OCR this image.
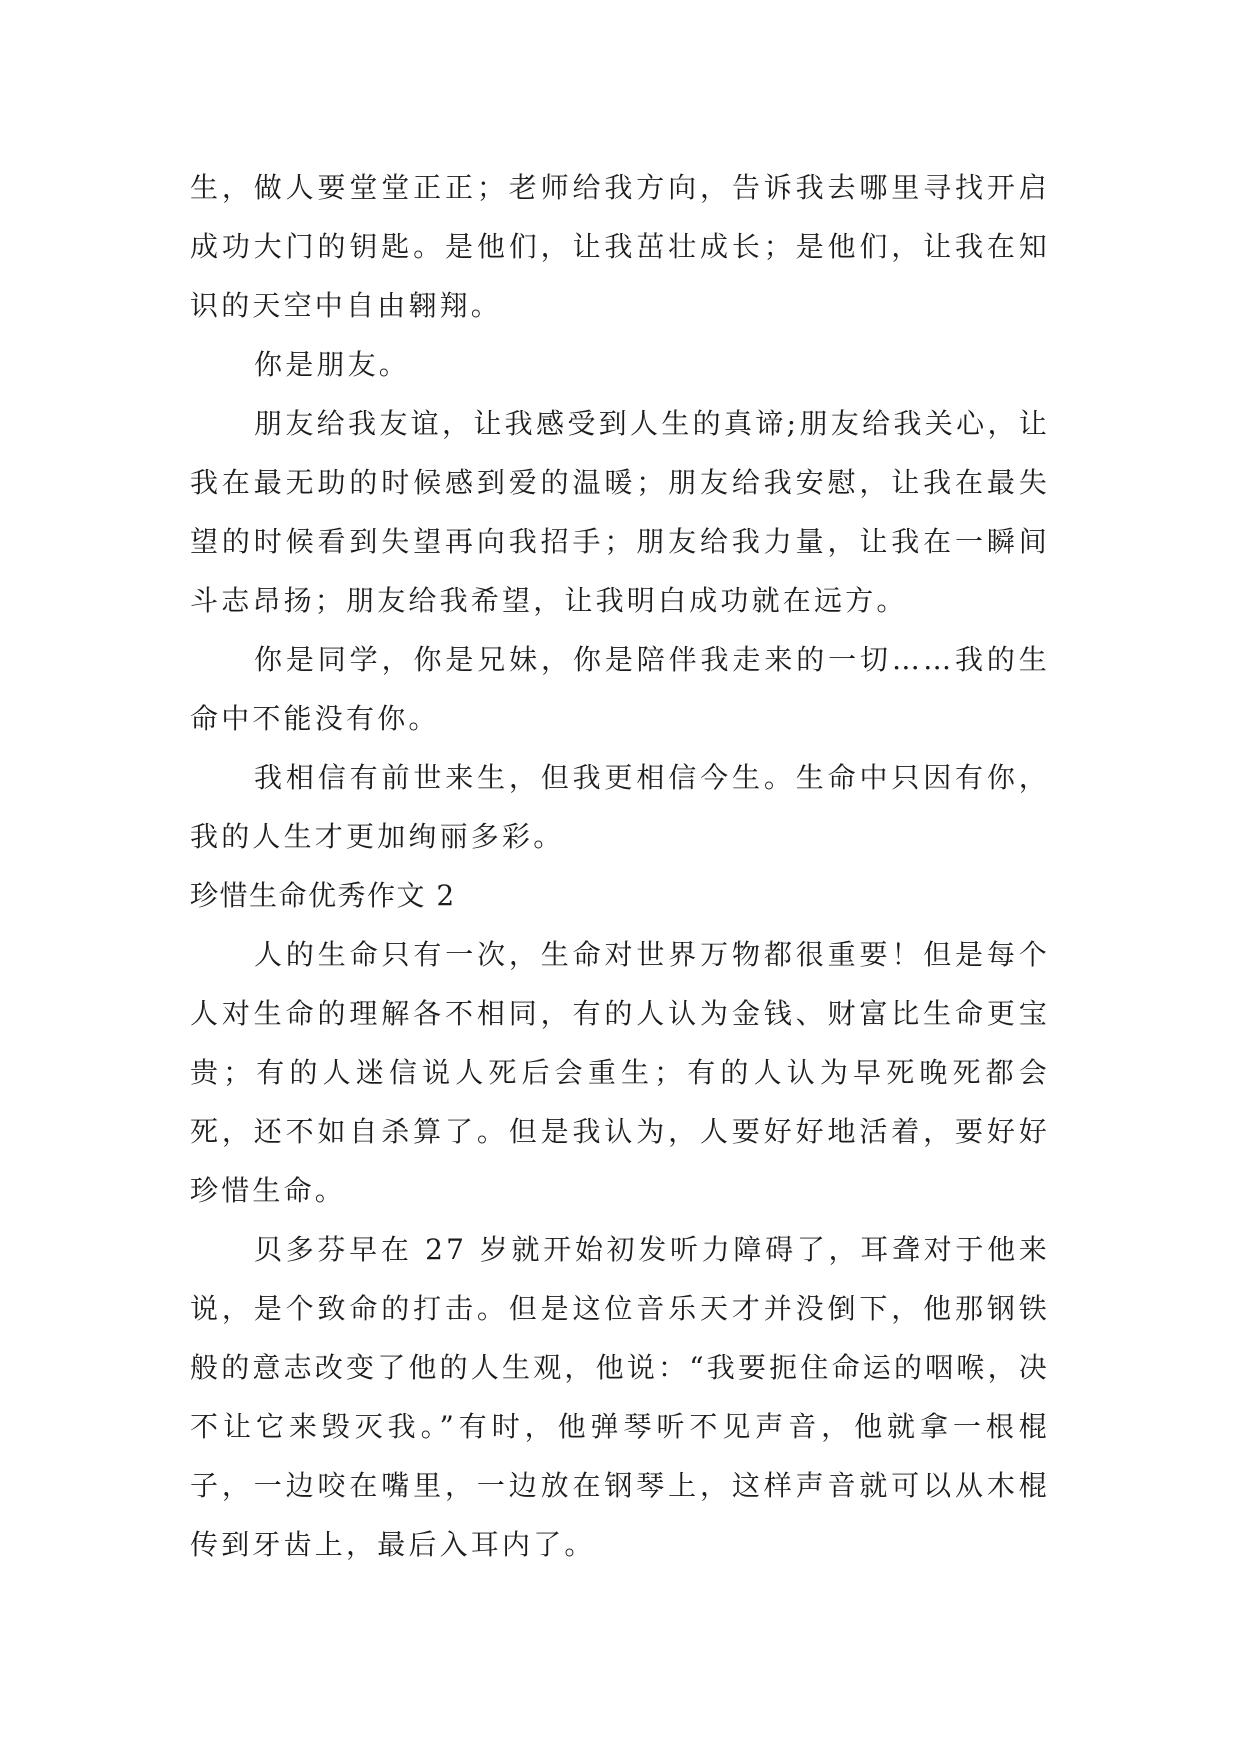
生，做人要堂堂正正；老师给我方向，告诉我去哪里寻找开启成功大门的钥匙。是他们，让我茁壮成长；是他们，让我在知识的天空中自由翱翔。

你是朋友。

朋友给我友谊，让我感受到人生的真谛;朋友给我关心，让我在最无助的时候感到爱的温暖；朋友给我安慰，让我在最失望的时候看到失望再向我招手；朋友给我力量，让我在一瞬间斗志昂扬；朋友给我希望，让我明白成功就在远方。

你是同学，你是兄妹，你是陪伴我走来的一切……我的生命中不能没有你。

我相信有前世来生，但我更相信今生。生命中只因有你，我的人生才更加绚丽多彩。

珍惜生命优秀作文 2

人的生命只有一次，生命对世界万物都很重要！但是每个人对生命的理解各不相同，有的人认为金钱、财富比生命更宝贵；有的人迷信说人死后会重生；有的人认为早死晚死都会死，还不如自杀算了。但是我认为，人要好好地活着，要好好珍惜生命。

贝多芬早在 27 岁就开始初发听力障碍了，耳聋对于他来说，是个致命的打击。但是这位音乐天才并没倒下，他那钢铁般的意志改变了他的人生观，他说：“我要扼住命运的咽喉，决不让它来毁灭我。”有时，他弹琴听不见声音，他就拿一根棍子，一边咬在嘴里，一边放在钢琴上，这样声音就可以从木棍传到牙齿上，最后入耳内了。
